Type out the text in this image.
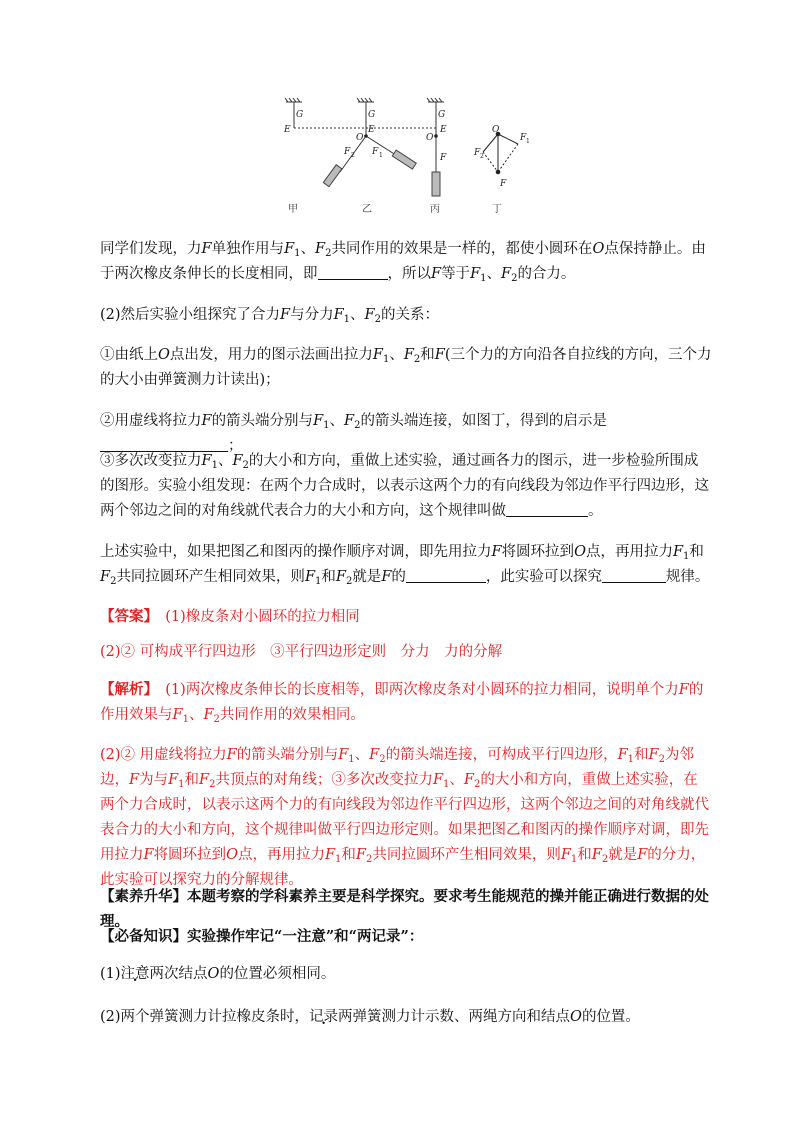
G
E
G
O
E
F 2 F 1
G
O
E
F
O
F 1
F 2
F
甲	乙	丙	丁

同学们发现，力F单独作用与$F_1$、$F_2$共同作用的效果是一样的，都使小圆环在O点保持静止。由于两次橡皮条伸长的长度相同，即	，所以F等于$F_1$、$F_2$的合力。

(2)然后实验小组探究了合力F与分力$F_1$、$F_2$的关系：

①由纸上O点出发，用力的图示法画出拉力$F_1$、$F_2$和F(三个力的方向沿各自拉线的方向，三个力的大小由弹簧测力计读出)；

②用虚线将拉力F的箭头端分别与$F_1$、$F_2$的箭头端连接，如图丁，得到的启示是；

③多次改变拉力$F_1$、$F_2$的大小和方向，重做上述实验，通过画各力的图示，进一步检验所围成的图形。实验小组发现：在两个力合成时，以表示这两个力的有向线段为邻边作平行四边形，这两个邻边之间的对角线就代表合力的大小和方向，这个规律叫做	。

上述实验中，如果把图乙和图丙的操作顺序对调，即先用拉力F将圆环拉到O点，再用拉力$F_1$和$F_2$共同拉圆环产生相同效果，则$F_1$和$F_2$就是F的	，此实验可以探究	规律。

【答案】　 (1)橡皮条对小圆环的拉力相同

(2)② 可构成平行四边形　③平行四边形定则　分力　力的分解

【解析】　 (1)两次橡皮条伸长的长度相等，即两次橡皮条对小圆环的拉力相同，说明单个力F的作用效果与$F_1$、$F_2$共同作用的效果相同。

(2)② 用虚线将拉力F的箭头端分别与$F_1$、$F_2$的箭头端连接，可构成平行四边形，$F_1$和$F_2$为邻边，F为与$F_1$和$F_2$共顶点的对角线；③多次改变拉力$F_1$、$F_2$的大小和方向，重做上述实验，在两个力合成时，以表示这两个力的有向线段为邻边作平行四边形，这两个邻边之间的对角线就代表合力的大小和方向，这个规律叫做平行四边形定则。如果把图乙和图丙的操作顺序对调，即先用拉力F将圆环拉到O点，再用拉力$F_1$和$F_2$共同拉圆环产生相同效果，则$F_1$和$F_2$就是F的分力，此实验可以探究力的分解规律。

【素养升华】本题考察的学科素养主要是科学探究。要求考生能规范的操并能正确进行数据的处理。

【必备知识】实验操作牢记“一注意”和“两记录”：

(1)注意两次结点O的位置必须相同。

(2)两个弹簧测力计拉橡皮条时，记录两弹簧测力计示数、两绳方向和结点O的位置。
